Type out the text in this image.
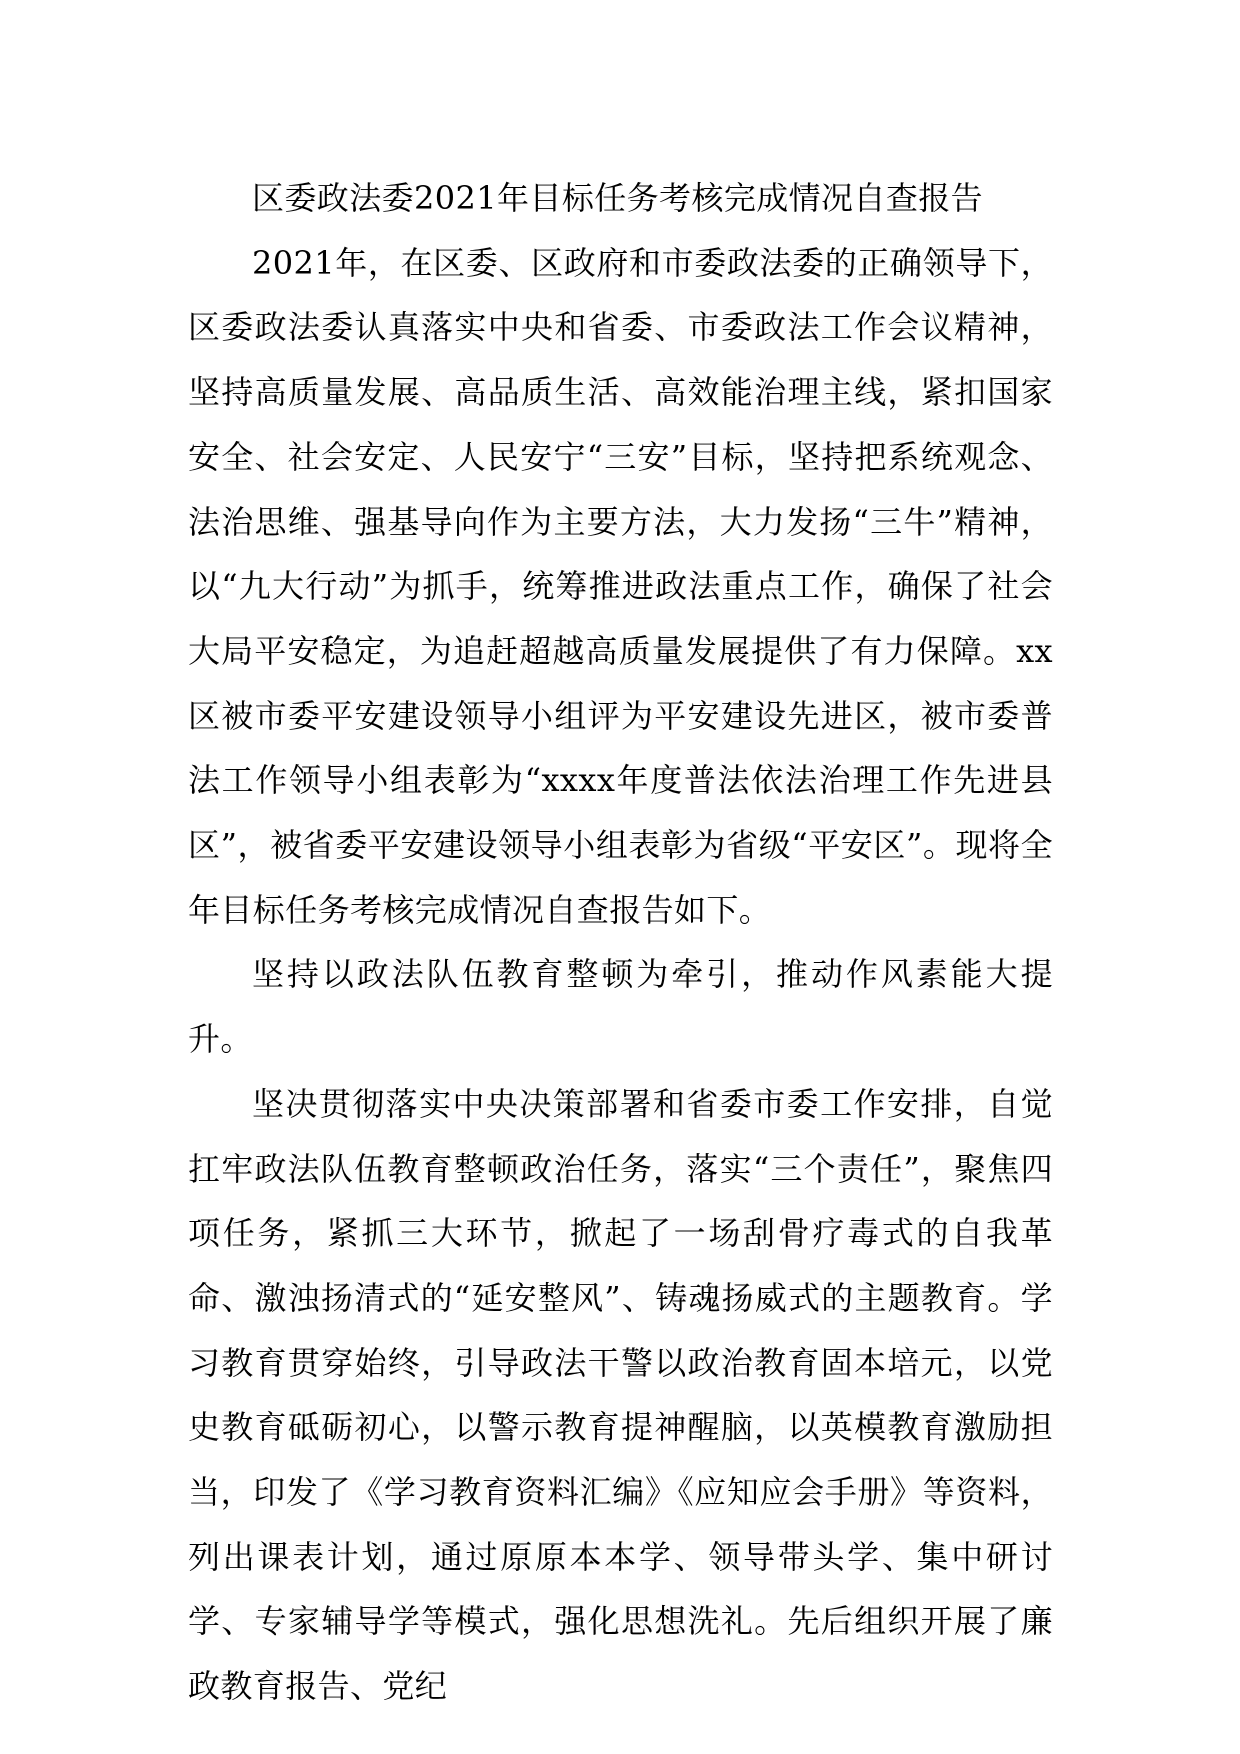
区委政法委2021年目标任务考核完成情况自查报告

2021年，在区委、区政府和市委政法委的正确领导下，区委政法委认真落实中央和省委、市委政法工作会议精神，坚持高质量发展、高品质生活、高效能治理主线，紧扣国家安全、社会安定、人民安宁“三安”目标，坚持把系统观念、法治思维、强基导向作为主要方法，大力发扬“三牛”精神，以“九大行动”为抓手，统筹推进政法重点工作，确保了社会大局平安稳定，为追赶超越高质量发展提供了有力保障。xx区被市委平安建设领导小组评为平安建设先进区，被市委普法工作领导小组表彰为“xxxx年度普法依法治理工作先进县区”，被省委平安建设领导小组表彰为省级“平安区”。现将全年目标任务考核完成情况自查报告如下。

坚持以政法队伍教育整顿为牵引，推动作风素能大提升。

坚决贯彻落实中央决策部署和省委市委工作安排，自觉扛牢政法队伍教育整顿政治任务，落实“三个责任”，聚焦四项任务，紧抓三大环节，掀起了一场刮骨疗毒式的自我革命、激浊扬清式的“延安整风”、铸魂扬威式的主题教育。学习教育贯穿始终，引导政法干警以政治教育固本培元，以党史教育砥砺初心，以警示教育提神醒脑，以英模教育激励担当，印发了《学习教育资料汇编》《应知应会手册》等资料，列出课表计划，通过原原本本学、领导带头学、集中研讨学、专家辅导学等模式，强化思想洗礼。先后组织开展了廉政教育报告、党纪
